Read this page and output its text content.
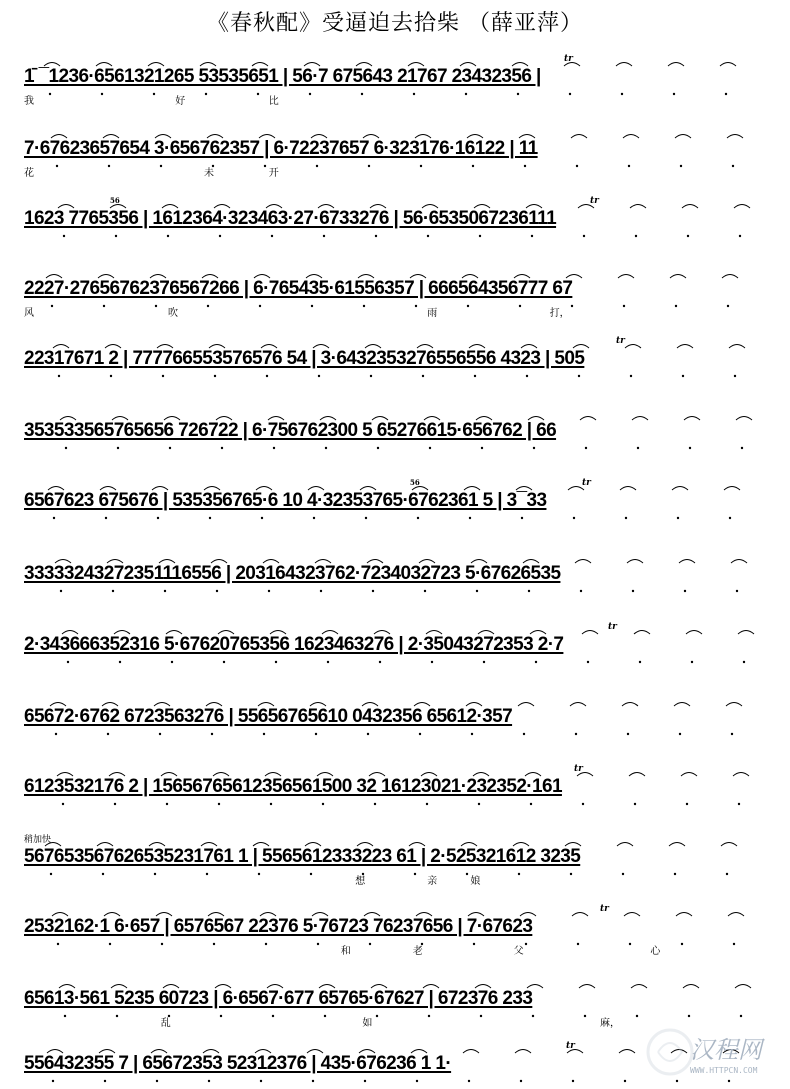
《春秋配》受逼迫去拾柴 （薛亚萍）
1̄ ¯1236·6561321265 53535651 | 56·7 675643 21767 23432356 |
我	好	比
tr
7·67623657654 3·656762357 | 6·72237657 6·323176·16122 | 11
花	未	开
1623 7765356 | 1612364·323463·27·6733276 | 56·6535067236111
tr
56
2227·27656762376567266 | 6·765435·61556357 | 666564356777 67
风	吹	雨	打，
22317671 2 | 777766553576576 54 | 3·6432353276556556 4323 | 505
tr
353533565765656 726722 | 6·756762300 5 65276615·656762 | 66
6567623 675676 | 535356765·6 10 4·32353765·6762361 5 | 3¯33
tr
56
33333243272351116556 | 203164323762·7234032723 5·67626535
2·343666352316 5·67620765356 1623463276 | 2·35043272353 2·7
tr
65672·6762 6723563276 | 55656765610 0432356 65612·357
6123532176 2 | 15656765612356561500 32 16123021·232352·161
tr
567653567626535231761 1 | 5565612333223 61 | 2·525321612 3235
想	亲	娘
稍加快
2532162·1 6·657 | 6576567 22376 5·76723 76237656 | 7·67623
和	老	父	心
tr
65613·561 5235 60723 | 6·6567·677 65765·67627 | 672376 233
乱	如	麻，
556432355 7 | 65672353 52312376 | 435·676236 1 1·
tr	汉程网
WWW.HTTPCN.COM
